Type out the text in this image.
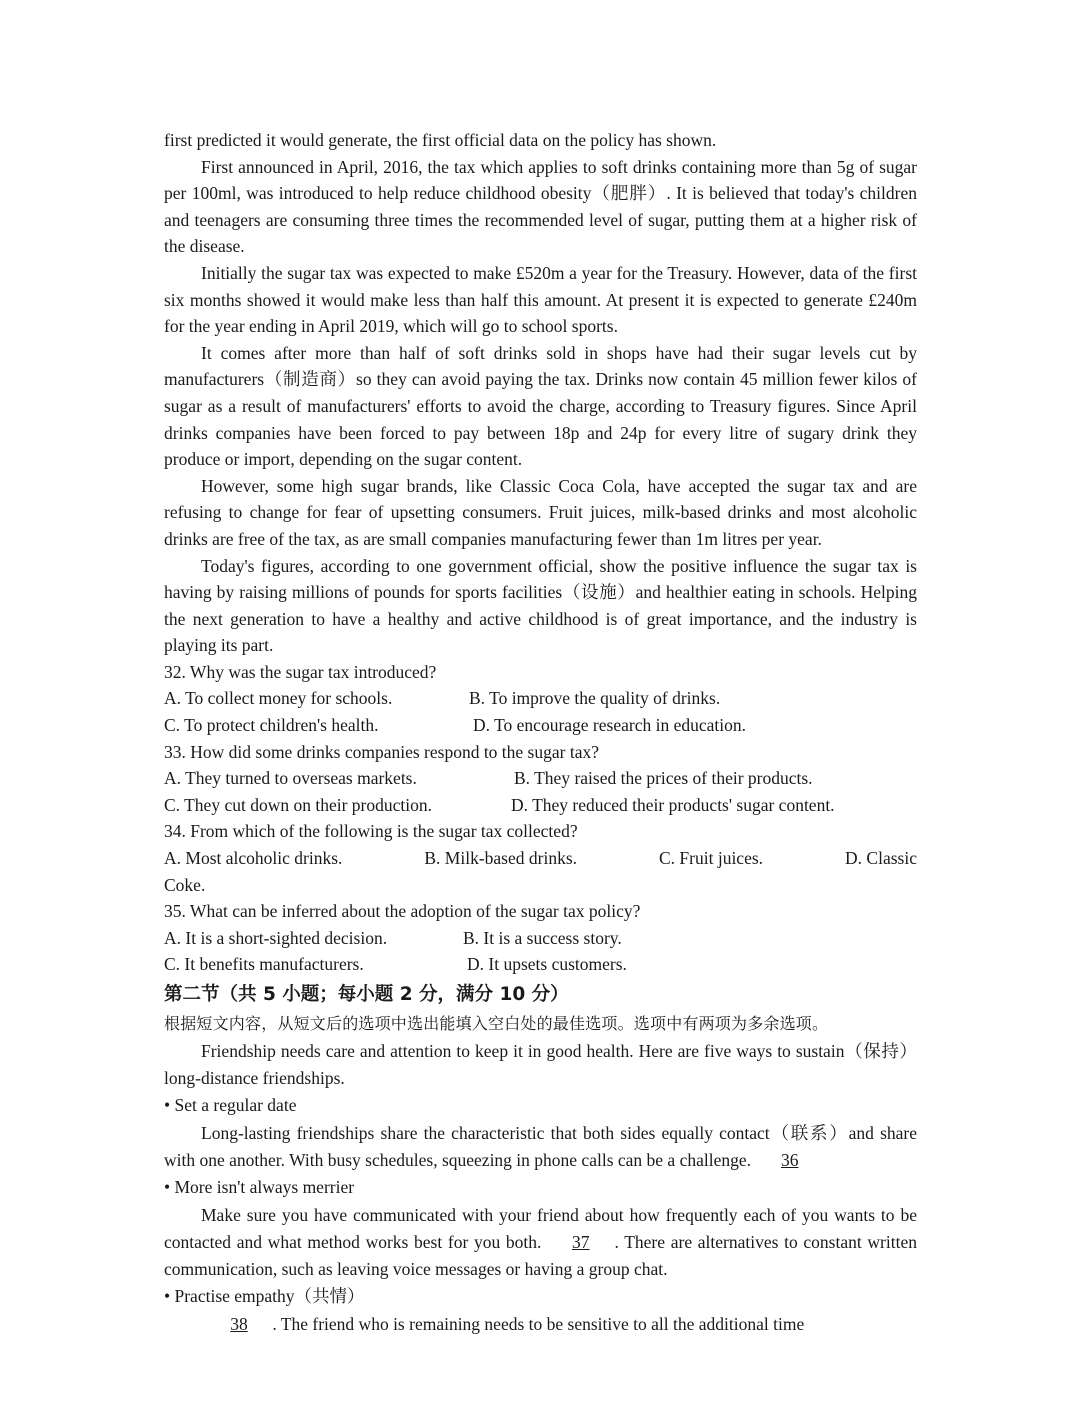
first predicted it would generate, the first official data on the policy has shown.

First announced in April, 2016, the tax which applies to soft drinks containing more than 5g of sugar per 100ml, was introduced to help reduce childhood obesity（肥胖）. It is believed that today's children and teenagers are consuming three times the recommended level of sugar, putting them at a higher risk of the disease.

Initially the sugar tax was expected to make £520m a year for the Treasury. However, data of the first six months showed it would make less than half this amount. At present it is expected to generate £240m for the year ending in April 2019, which will go to school sports.

It comes after more than half of soft drinks sold in shops have had their sugar levels cut by manufacturers（制造商）so they can avoid paying the tax. Drinks now contain 45 million fewer kilos of sugar as a result of manufacturers' efforts to avoid the charge, according to Treasury figures. Since April drinks companies have been forced to pay between 18p and 24p for every litre of sugary drink they produce or import, depending on the sugar content.

However, some high sugar brands, like Classic Coca Cola, have accepted the sugar tax and are refusing to change for fear of upsetting consumers. Fruit juices, milk-based drinks and most alcoholic drinks are free of the tax, as are small companies manufacturing fewer than 1m litres per year.

Today's figures, according to one government official, show the positive influence the sugar tax is having by raising millions of pounds for sports facilities（设施）and healthier eating in schools. Helping the next generation to have a healthy and active childhood is of great importance, and the industry is playing its part.

32. Why was the sugar tax introduced?

A. To collect money for schools.	B. To improve the quality of drinks.
C. To protect children's health.	D. To encourage research in education.

33. How did some drinks companies respond to the sugar tax?

A. They turned to overseas markets.	B. They raised the prices of their products.
C. They cut down on their production.	D. They reduced their products' sugar content.

34. From which of the following is the sugar tax collected?

A. Most alcoholic drinks.	B. Milk-based drinks.	C. Fruit juices.	D. Classic

Coke.

35. What can be inferred about the adoption of the sugar tax policy?

A. It is a short-sighted decision.	B. It is a success story.
C. It benefits manufacturers.	D. It upsets customers.
第二节（共 5 小题；每小题 2 分，满分 10 分）
根据短文内容，从短文后的选项中选出能填入空白处的最佳选项。选项中有两项为多余选项。

Friendship needs care and attention to keep it in good health. Here are five ways to sustain（保持）long-distance friendships.

• Set a regular date

Long-lasting friendships share the characteristic that both sides equally contact（联系）and share with one another. With busy schedules, squeezing in phone calls can be a challenge. 36

• More isn't always merrier

Make sure you have communicated with your friend about how frequently each of you wants to be contacted and what method works best for you both. 37 . There are alternatives to constant written communication, such as leaving voice messages or having a group chat.

• Practise empathy（共情）

38 . The friend who is remaining needs to be sensitive to all the additional time
